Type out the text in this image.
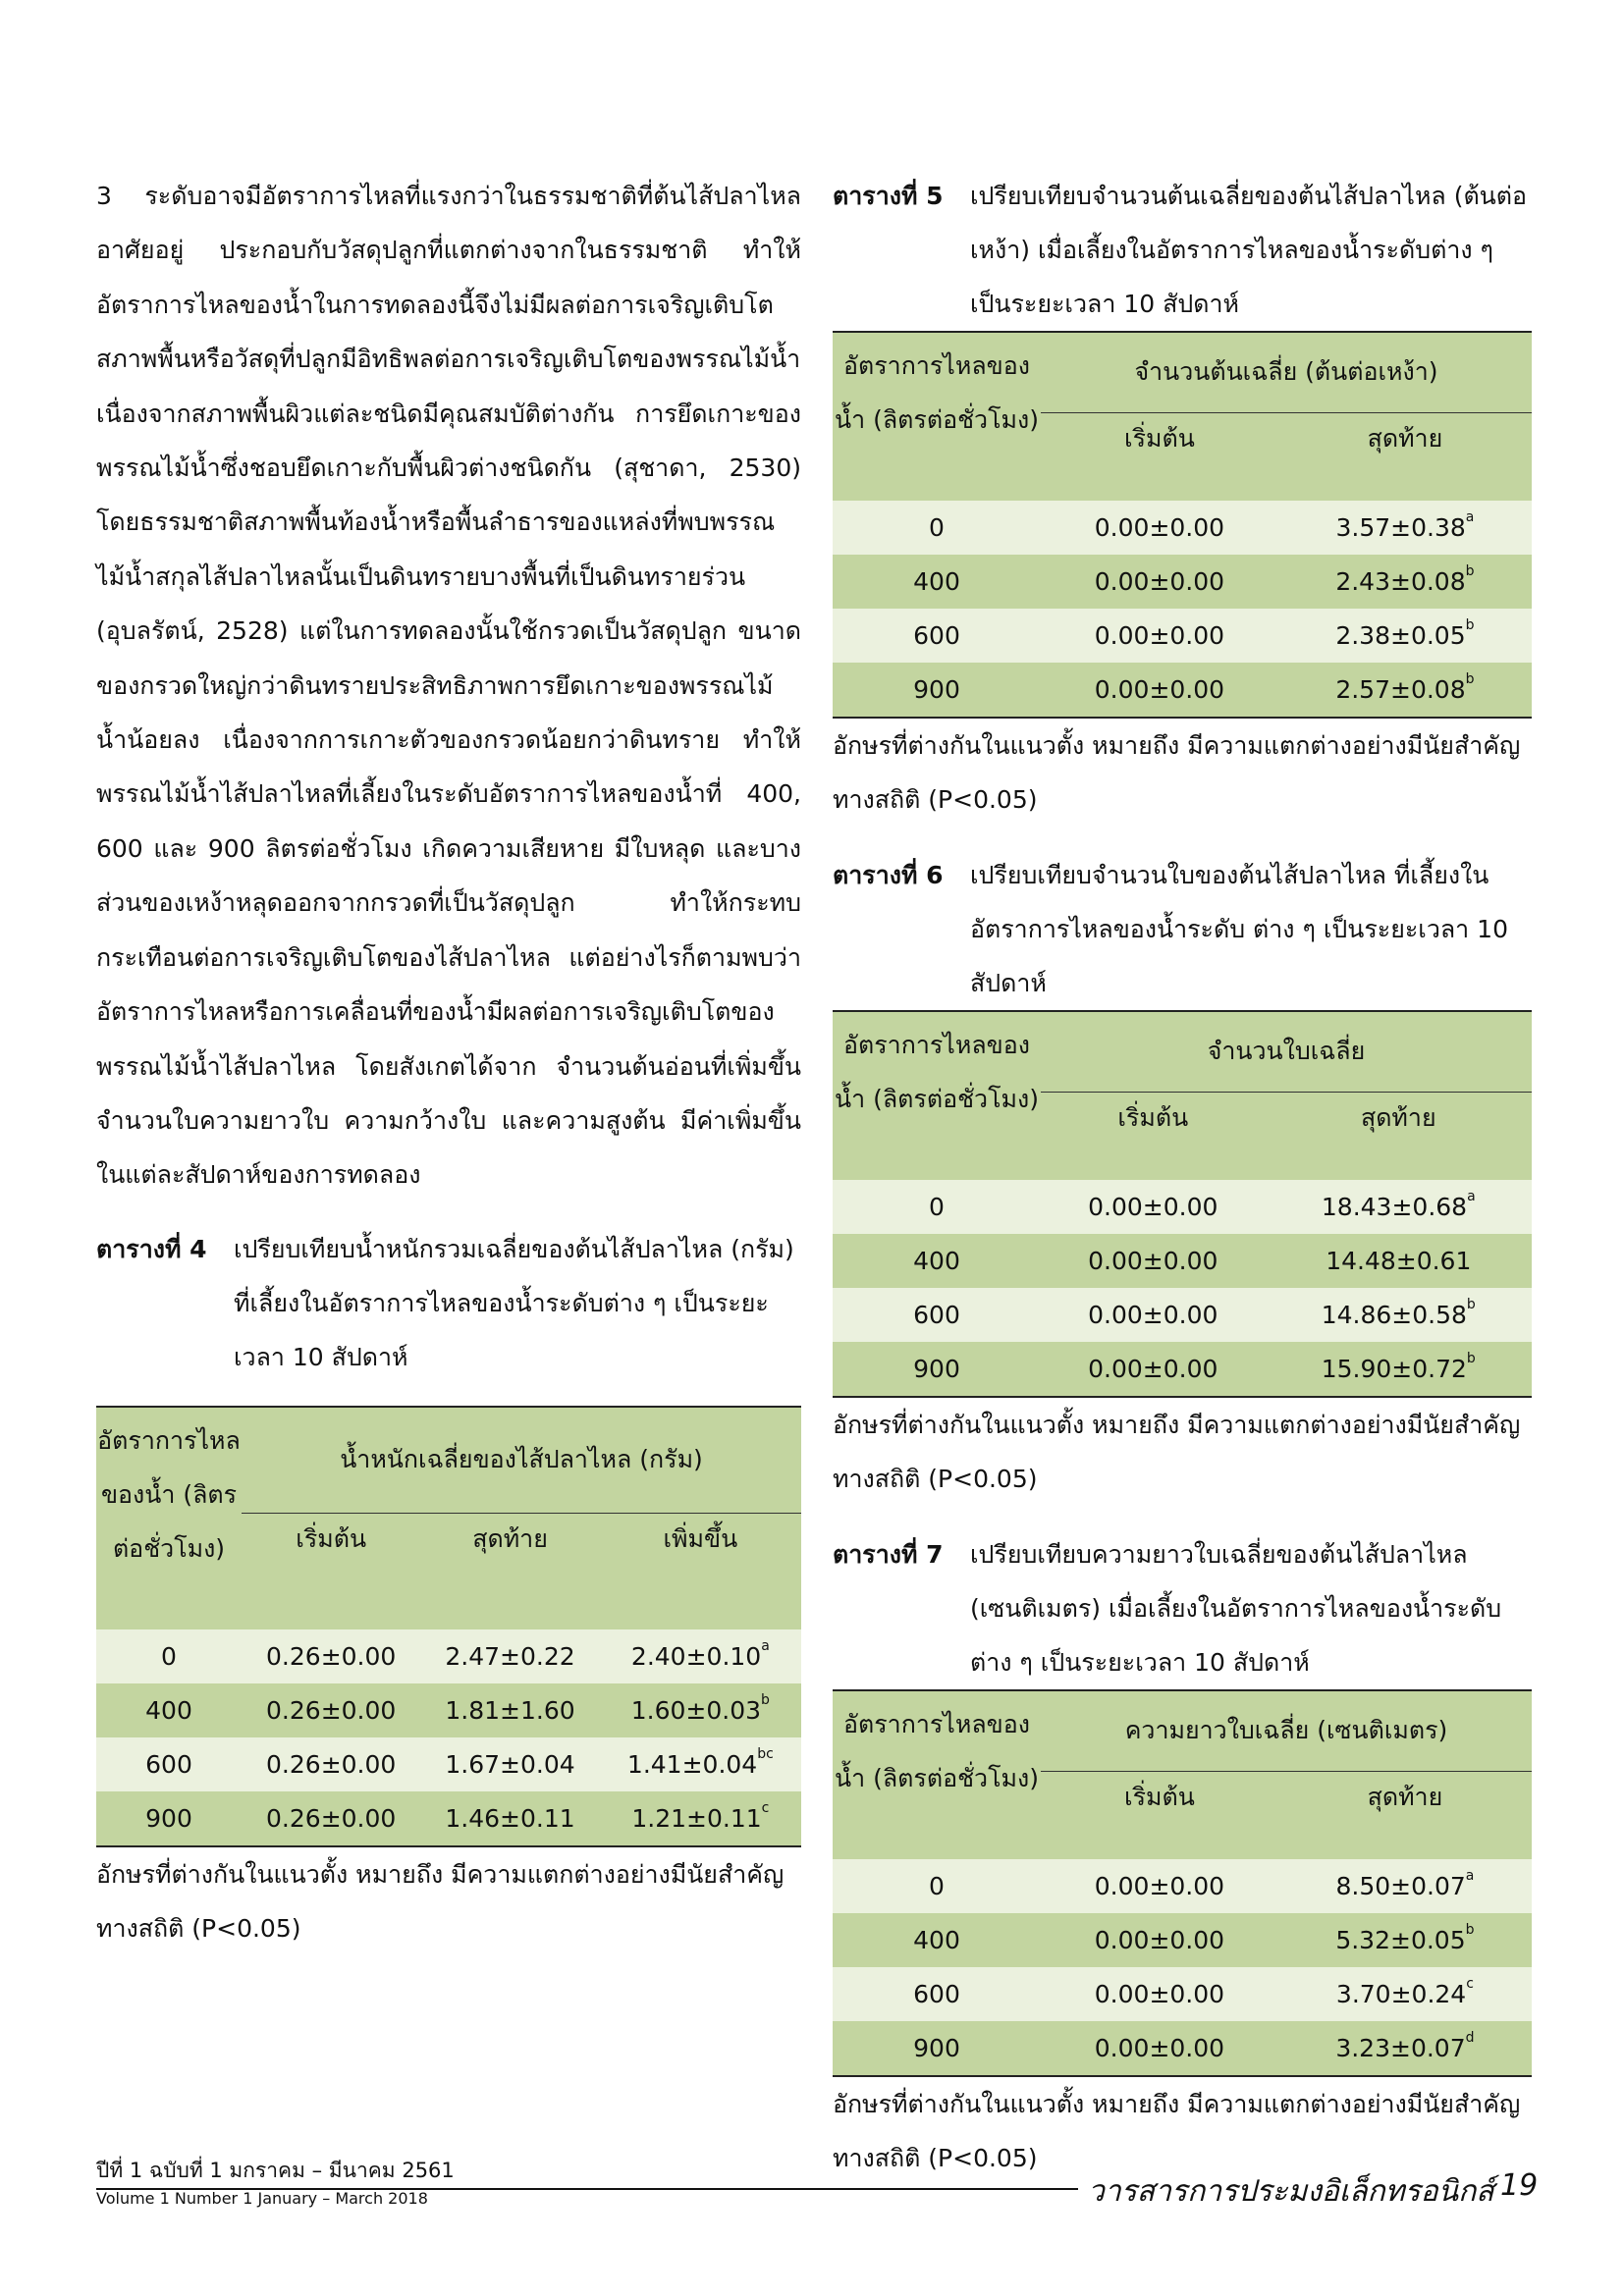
3 ระดับอาจมีอัตราการไหลที่แรงกว่าในธรรมชาติที่ต้นไส้ปลาไหลอาศัยอยู่ ประกอบกับวัสดุปลูกที่แตกต่างจากในธรรมชาติ ทำให้อัตราการไหลของน้ำในการทดลองนี้จึงไม่มีผลต่อการเจริญเติบโต สภาพพื้นหรือวัสดุที่ปลูกมีอิทธิพลต่อการเจริญเติบโตของพรรณไม้น้ำ เนื่องจากสภาพพื้นผิวแต่ละชนิดมีคุณสมบัติต่างกัน การยึดเกาะของพรรณไม้น้ำซึ่งชอบยึดเกาะกับพื้นผิวต่างชนิดกัน (สุชาดา, 2530) โดยธรรมชาติสภาพพื้นท้องน้ำหรือพื้นลำธารของแหล่งที่พบพรรณไม้น้ำสกุลไส้ปลาไหลนั้นเป็นดินทรายบางพื้นที่เป็นดินทรายร่วน (อุบลรัตน์, 2528) แต่ในการทดลองนั้นใช้กรวดเป็นวัสดุปลูก ขนาดของกรวดใหญ่กว่าดินทรายประสิทธิภาพการยึดเกาะของพรรณไม้น้ำน้อยลง เนื่องจากการเกาะตัวของกรวดน้อยกว่าดินทราย ทำให้พรรณไม้น้ำไส้ปลาไหลที่เลี้ยงในระดับอัตราการไหลของน้ำที่ 400, 600 และ 900 ลิตรต่อชั่วโมง เกิดความเสียหาย มีใบหลุด และบางส่วนของเหง้าหลุดออกจากกรวดที่เป็นวัสดุปลูก ทำให้กระทบกระเทือนต่อการเจริญเติบโตของไส้ปลาไหล แต่อย่างไรก็ตามพบว่าอัตราการไหลหรือการเคลื่อนที่ของน้ำมีผลต่อการเจริญเติบโตของพรรณไม้น้ำไส้ปลาไหล โดยสังเกตได้จาก จำนวนต้นอ่อนที่เพิ่มขึ้น จำนวนใบความยาวใบ ความกว้างใบ และความสูงต้น มีค่าเพิ่มขึ้นในแต่ละสัปดาห์ของการทดลอง

ตารางที่ 4	เปรียบเทียบน้ำหนักรวมเฉลี่ยของต้นไส้ปลาไหล (กรัม) ที่เลี้ยงในอัตราการไหลของน้ำระดับต่าง ๆ เป็นระยะเวลา 10 สัปดาห์
อัตราการไหลของน้ำ (ลิตรต่อชั่วโมง)	น้ำหนักเฉลี่ยของไส้ปลาไหล (กรัม)		
	เริ่มต้น	สุดท้าย	เพิ่มขึ้น
0	0.26±0.00	2.47±0.22	2.40±0.10$^a$
400	0.26±0.00	1.81±1.60	1.60±0.03$^b$
600	0.26±0.00	1.67±0.04	1.41±0.04$^{bc}$
900	0.26±0.00	1.46±0.11	1.21±0.11$^c$

อักษรที่ต่างกันในแนวตั้ง หมายถึง มีความแตกต่างอย่างมีนัยสำคัญทางสถิติ (P<0.05)

ตารางที่ 5	เปรียบเทียบจำนวนต้นเฉลี่ยของต้นไส้ปลาไหล (ต้นต่อเหง้า) เมื่อเลี้ยงในอัตราการไหลของน้ำระดับต่าง ๆ เป็นระยะเวลา 10 สัปดาห์
อัตราการไหลของน้ำ (ลิตรต่อชั่วโมง)	จำนวนต้นเฉลี่ย (ต้นต่อเหง้า)	
	เริ่มต้น	สุดท้าย
0	0.00±0.00	3.57±0.38$^a$
400	0.00±0.00	2.43±0.08$^b$
600	0.00±0.00	2.38±0.05$^b$
900	0.00±0.00	2.57±0.08$^b$

อักษรที่ต่างกันในแนวตั้ง หมายถึง มีความแตกต่างอย่างมีนัยสำคัญทางสถิติ (P<0.05)

ตารางที่ 6	เปรียบเทียบจำนวนใบของต้นไส้ปลาไหล ที่เลี้ยงในอัตราการไหลของน้ำระดับ ต่าง ๆ เป็นระยะเวลา 10 สัปดาห์
อัตราการไหลของน้ำ (ลิตรต่อชั่วโมง)	จำนวนใบเฉลี่ย	
	เริ่มต้น	สุดท้าย
0	0.00±0.00	18.43±0.68$^a$
400	0.00±0.00	14.48±0.61
600	0.00±0.00	14.86±0.58$^b$
900	0.00±0.00	15.90±0.72$^b$

อักษรที่ต่างกันในแนวตั้ง หมายถึง มีความแตกต่างอย่างมีนัยสำคัญทางสถิติ (P<0.05)

ตารางที่ 7	เปรียบเทียบความยาวใบเฉลี่ยของต้นไส้ปลาไหล (เซนติเมตร) เมื่อเลี้ยงในอัตราการไหลของน้ำระดับต่าง ๆ เป็นระยะเวลา 10 สัปดาห์
อัตราการไหลของน้ำ (ลิตรต่อชั่วโมง)	ความยาวใบเฉลี่ย (เซนติเมตร)	
	เริ่มต้น	สุดท้าย
0	0.00±0.00	8.50±0.07$^a$
400	0.00±0.00	5.32±0.05$^b$
600	0.00±0.00	3.70±0.24$^c$
900	0.00±0.00	3.23±0.07$^d$

อักษรที่ต่างกันในแนวตั้ง หมายถึง มีความแตกต่างอย่างมีนัยสำคัญทางสถิติ (P<0.05)

ปีที่ 1 ฉบับที่ 1 มกราคม – มีนาคม 2561
Volume 1 Number 1 January – March 2018	วารสารการประมงอิเล็กทรอนิกส์ 19
